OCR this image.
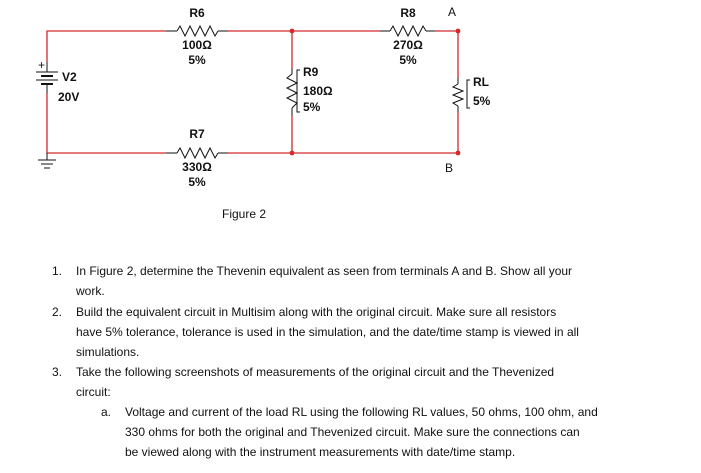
+
R6
100Ω
5%
R8
270Ω
5%
R9
180Ω
5%
RL
5%
R7
330Ω
5%
V2
20V
A
B
Figure 2
1. In Figure 2, determine the Thevenin equivalent as seen from terminals A and B. Show all your
work.
2. Build the equivalent circuit in Multisim along with the original circuit. Make sure all resistors
have 5% tolerance, tolerance is used in the simulation, and the date/time stamp is viewed in all
simulations.
3. Take the following screenshots of measurements of the original circuit and the Thevenized
circuit:
a. Voltage and current of the load RL using the following RL values, 50 ohms, 100 ohm, and
330 ohms for both the original and Thevenized circuit. Make sure the connections can
be viewed along with the instrument measurements with date/time stamp.
